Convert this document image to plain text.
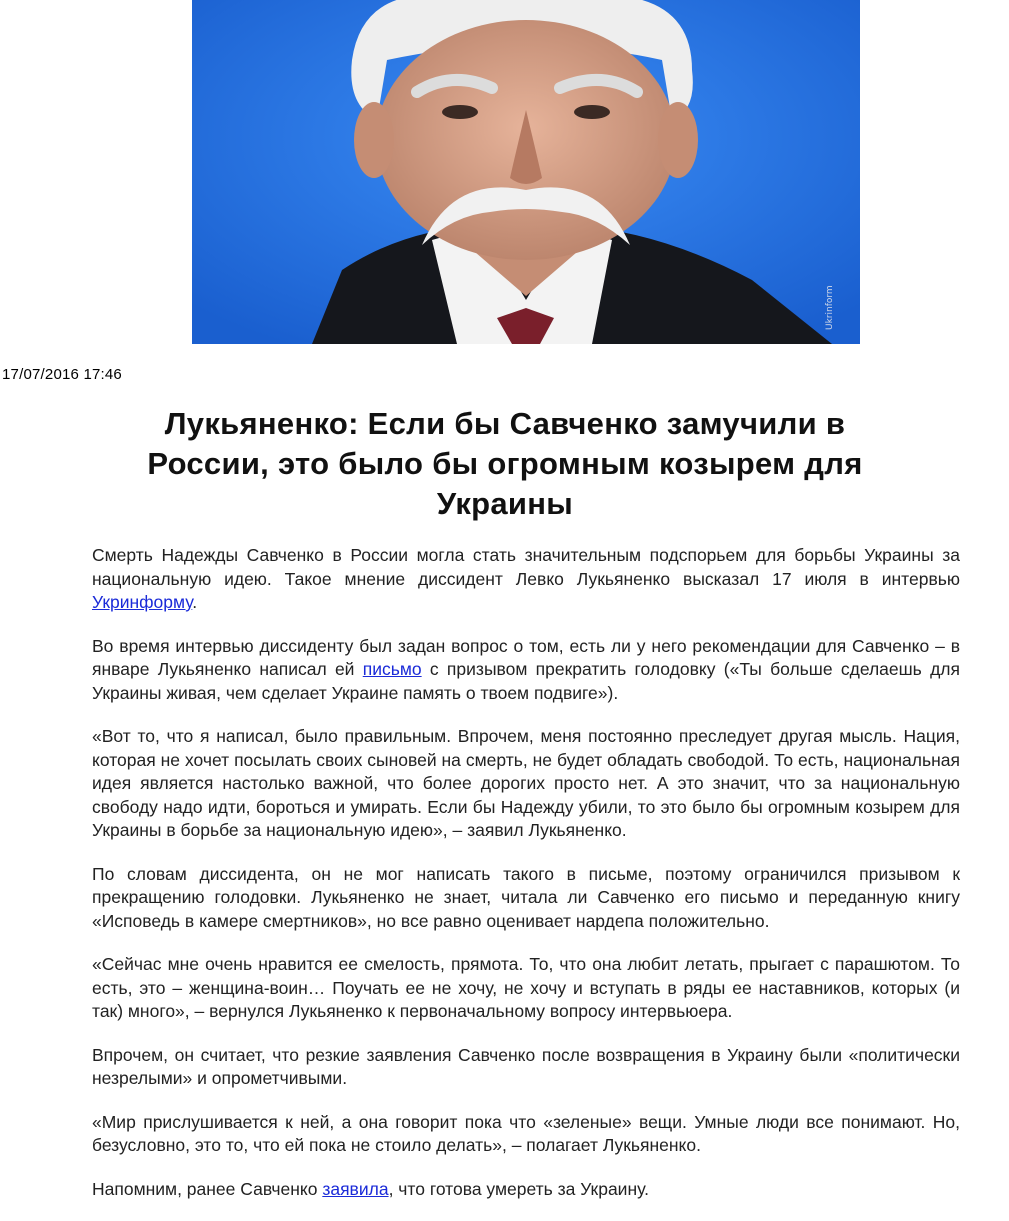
Ukrinform
17/07/2016 17:46
Лукьяненко: Если бы Савченко замучили в России, это было бы огромным козырем для Украины

Смерть Надежды Савченко в России могла стать значительным подспорьем для борьбы Украины за национальную идею. Такое мнение диссидент Левко Лукьяненко высказал 17 июля в интервью Укринформу.

Во время интервью диссиденту был задан вопрос о том, есть ли у него рекомендации для Савченко – в январе Лукьяненко написал ей письмо с призывом прекратить голодовку («Ты больше сделаешь для Украины живая, чем сделает Украине память о твоем подвиге»).

«Вот то, что я написал, было правильным. Впрочем, меня постоянно преследует другая мысль. Нация, которая не хочет посылать своих сыновей на смерть, не будет обладать свободой. То есть, национальная идея является настолько важной, что более дорогих просто нет. А это значит, что за национальную свободу надо идти, бороться и умирать. Если бы Надежду убили, то это было бы огромным козырем для Украины в борьбе за национальную идею», – заявил Лукьяненко.

По словам диссидента, он не мог написать такого в письме, поэтому ограничился призывом к прекращению голодовки. Лукьяненко не знает, читала ли Савченко его письмо и переданную книгу «Исповедь в камере смертников», но все равно оценивает нардепа положительно.

«Сейчас мне очень нравится ее смелость, прямота. То, что она любит летать, прыгает с парашютом. То есть, это – женщина-воин… Поучать ее не хочу, не хочу и вступать в ряды ее наставников, которых (и так) много», – вернулся Лукьяненко к первоначальному вопросу интервьюера.

Впрочем, он считает, что резкие заявления Савченко после возвращения в Украину были «политически незрелыми» и опрометчивыми.

«Мир прислушивается к ней, а она говорит пока что «зеленые» вещи. Умные люди все понимают. Но, безусловно, это то, что ей пока не стоило делать», – полагает Лукьяненко.

Напомним, ранее Савченко заявила, что готова умереть за Украину.
